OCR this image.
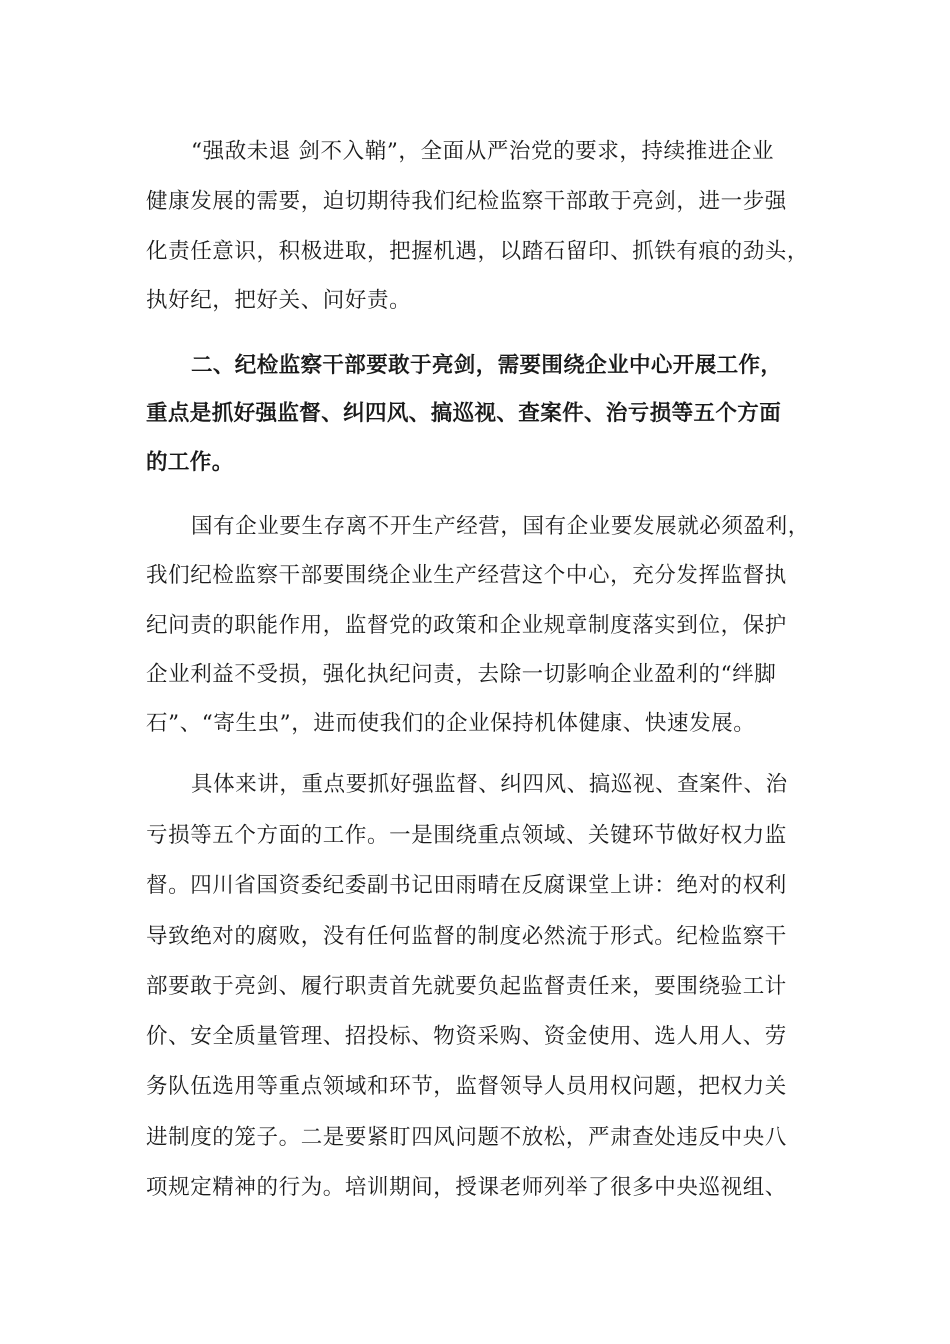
“强敌未退 剑不入鞘”，全面从严治党的要求，持续推进企业
健康发展的需要，迫切期待我们纪检监察干部敢于亮剑，进一步强
化责任意识，积极进取，把握机遇，以踏石留印、抓铁有痕的劲头，
执好纪，把好关、问好责。
二、纪检监察干部要敢于亮剑，需要围绕企业中心开展工作，
重点是抓好强监督、纠四风、搞巡视、查案件、治亏损等五个方面
的工作。
国有企业要生存离不开生产经营，国有企业要发展就必须盈利，
我们纪检监察干部要围绕企业生产经营这个中心，充分发挥监督执
纪问责的职能作用，监督党的政策和企业规章制度落实到位，保护
企业利益不受损，强化执纪问责，去除一切影响企业盈利的“绊脚
石”、“寄生虫”，进而使我们的企业保持机体健康、快速发展。
具体来讲，重点要抓好强监督、纠四风、搞巡视、查案件、治
亏损等五个方面的工作。一是围绕重点领域、关键环节做好权力监
督。四川省国资委纪委副书记田雨晴在反腐课堂上讲：绝对的权利
导致绝对的腐败，没有任何监督的制度必然流于形式。纪检监察干
部要敢于亮剑、履行职责首先就要负起监督责任来，要围绕验工计
价、安全质量管理、招投标、物资采购、资金使用、选人用人、劳
务队伍选用等重点领域和环节，监督领导人员用权问题，把权力关
进制度的笼子。二是要紧盯四风问题不放松，严肃查处违反中央八
项规定精神的行为。培训期间，授课老师列举了很多中央巡视组、
